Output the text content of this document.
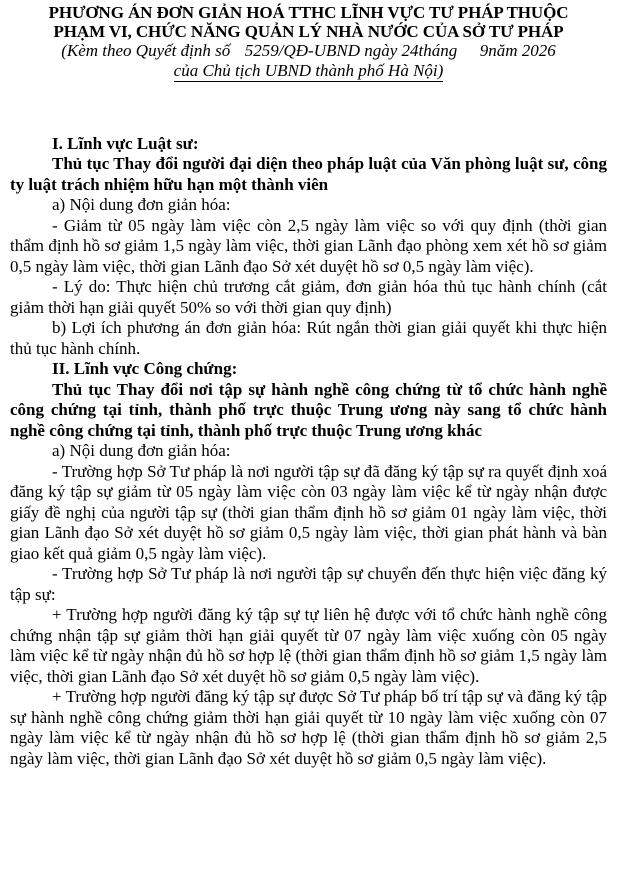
PHƯƠNG ÁN ĐƠN GIẢN HOÁ TTHC LĨNH VỰC TƯ PHÁP THUỘC

PHẠM VI, CHỨC NĂNG QUẢN LÝ NHÀ NƯỚC CỦA SỞ TƯ PHÁP

(Kèm theo Quyết định số 5259/QĐ-UBND ngày 24tháng 9năm 2026

của Chủ tịch UBND thành phố Hà Nội)

I. Lĩnh vực Luật sư:

Thủ tục Thay đổi người đại diện theo pháp luật của Văn phòng luật sư, công ty luật trách nhiệm hữu hạn một thành viên

a) Nội dung đơn giản hóa:

- Giảm từ 05 ngày làm việc còn 2,5 ngày làm việc so với quy định (thời gian thẩm định hồ sơ giảm 1,5 ngày làm việc, thời gian Lãnh đạo phòng xem xét hồ sơ giảm 0,5 ngày làm việc, thời gian Lãnh đạo Sở xét duyệt hồ sơ 0,5 ngày làm việc).

- Lý do: Thực hiện chủ trương cắt giảm, đơn giản hóa thủ tục hành chính (cắt giảm thời hạn giải quyết 50% so với thời gian quy định)

b) Lợi ích phương án đơn giản hóa: Rút ngắn thời gian giải quyết khi thực hiện thủ tục hành chính.

II. Lĩnh vực Công chứng:

Thủ tục Thay đổi nơi tập sự hành nghề công chứng từ tổ chức hành nghề công chứng tại tỉnh, thành phố trực thuộc Trung ương này sang tổ chức hành nghề công chứng tại tỉnh, thành phố trực thuộc Trung ương khác

a) Nội dung đơn giản hóa:

- Trường hợp Sở Tư pháp là nơi người tập sự đã đăng ký tập sự ra quyết định xoá đăng ký tập sự giảm từ 05 ngày làm việc còn 03 ngày làm việc kể từ ngày nhận được giấy đề nghị của người tập sự (thời gian thẩm định hồ sơ giảm 01 ngày làm việc, thời gian Lãnh đạo Sở xét duyệt hồ sơ giảm 0,5 ngày làm việc, thời gian phát hành và bàn giao kết quả giảm 0,5 ngày làm việc).

- Trường hợp Sở Tư pháp là nơi người tập sự chuyển đến thực hiện việc đăng ký tập sự:

+ Trường hợp người đăng ký tập sự tự liên hệ được với tổ chức hành nghề công chứng nhận tập sự giảm thời hạn giải quyết từ 07 ngày làm việc xuống còn 05 ngày làm việc kể từ ngày nhận đủ hồ sơ hợp lệ (thời gian thẩm định hồ sơ giảm 1,5 ngày làm việc, thời gian Lãnh đạo Sở xét duyệt hồ sơ giảm 0,5 ngày làm việc).

+ Trường hợp người đăng ký tập sự được Sở Tư pháp bố trí tập sự và đăng ký tập sự hành nghề công chứng giảm thời hạn giải quyết từ 10 ngày làm việc xuống còn 07 ngày làm việc kể từ ngày nhận đủ hồ sơ hợp lệ (thời gian thẩm định hồ sơ giảm 2,5 ngày làm việc, thời gian Lãnh đạo Sở xét duyệt hồ sơ giảm 0,5 ngày làm việc).
